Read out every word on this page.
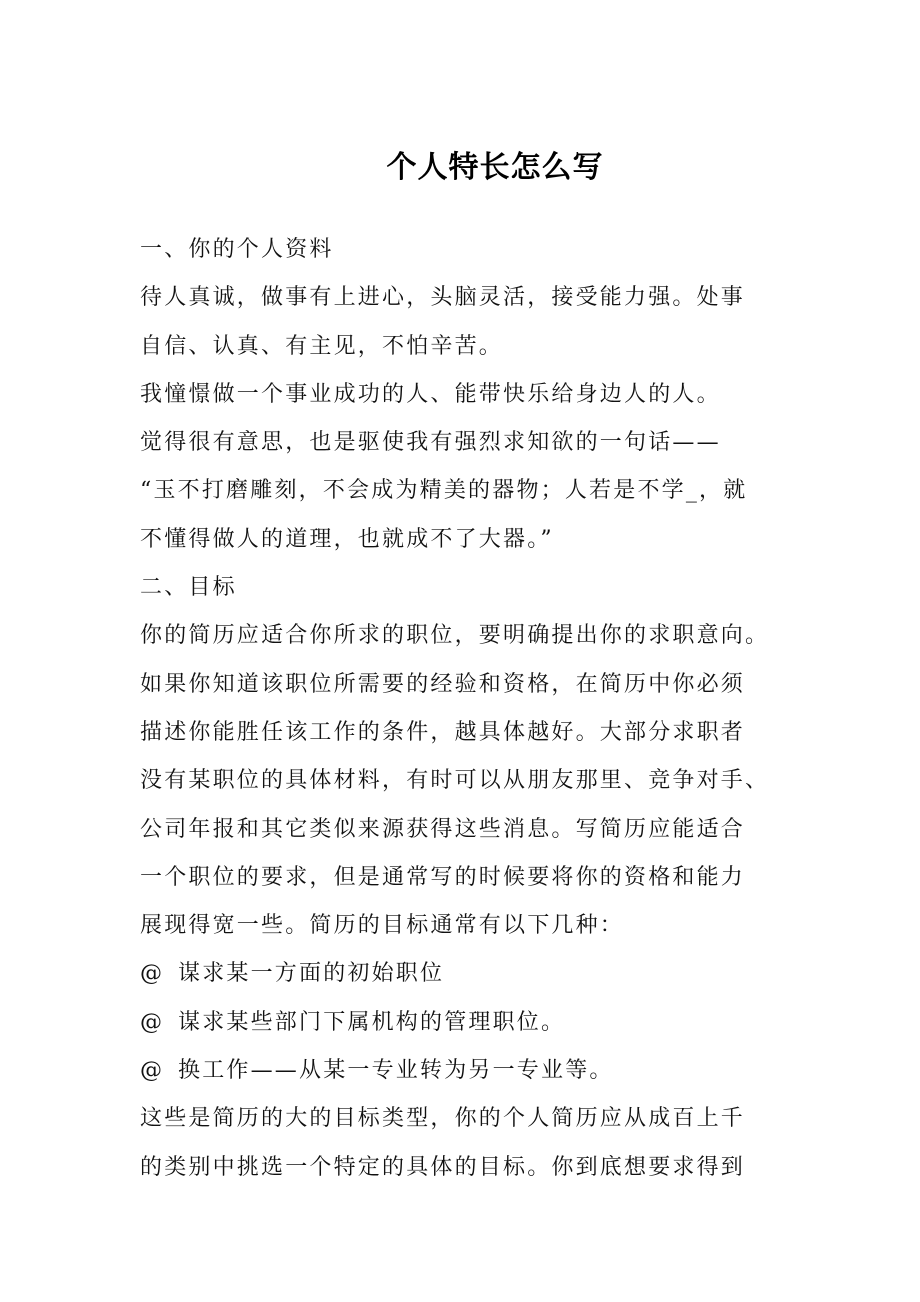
个人特长怎么写
一、你的个人资料
待人真诚，做事有上进心，头脑灵活，接受能力强。处事
自信、认真、有主见，不怕辛苦。
我憧憬做一个事业成功的人、能带快乐给身边人的人。
觉得很有意思，也是驱使我有强烈求知欲的一句话——
“玉不打磨雕刻，不会成为精美的器物；人若是不学_，就
不懂得做人的道理，也就成不了大器。”
二、目标
你的简历应适合你所求的职位，要明确提出你的求职意向。
如果你知道该职位所需要的经验和资格，在简历中你必须
描述你能胜任该工作的条件，越具体越好。大部分求职者
没有某职位的具体材料，有时可以从朋友那里、竞争对手、
公司年报和其它类似来源获得这些消息。写简历应能适合
一个职位的要求，但是通常写的时候要将你的资格和能力
展现得宽一些。简历的目标通常有以下几种：
@ 谋求某一方面的初始职位
@ 谋求某些部门下属机构的管理职位。
@ 换工作——从某一专业转为另一专业等。
这些是简历的大的目标类型，你的个人简历应从成百上千
的类别中挑选一个特定的具体的目标。你到底想要求得到
